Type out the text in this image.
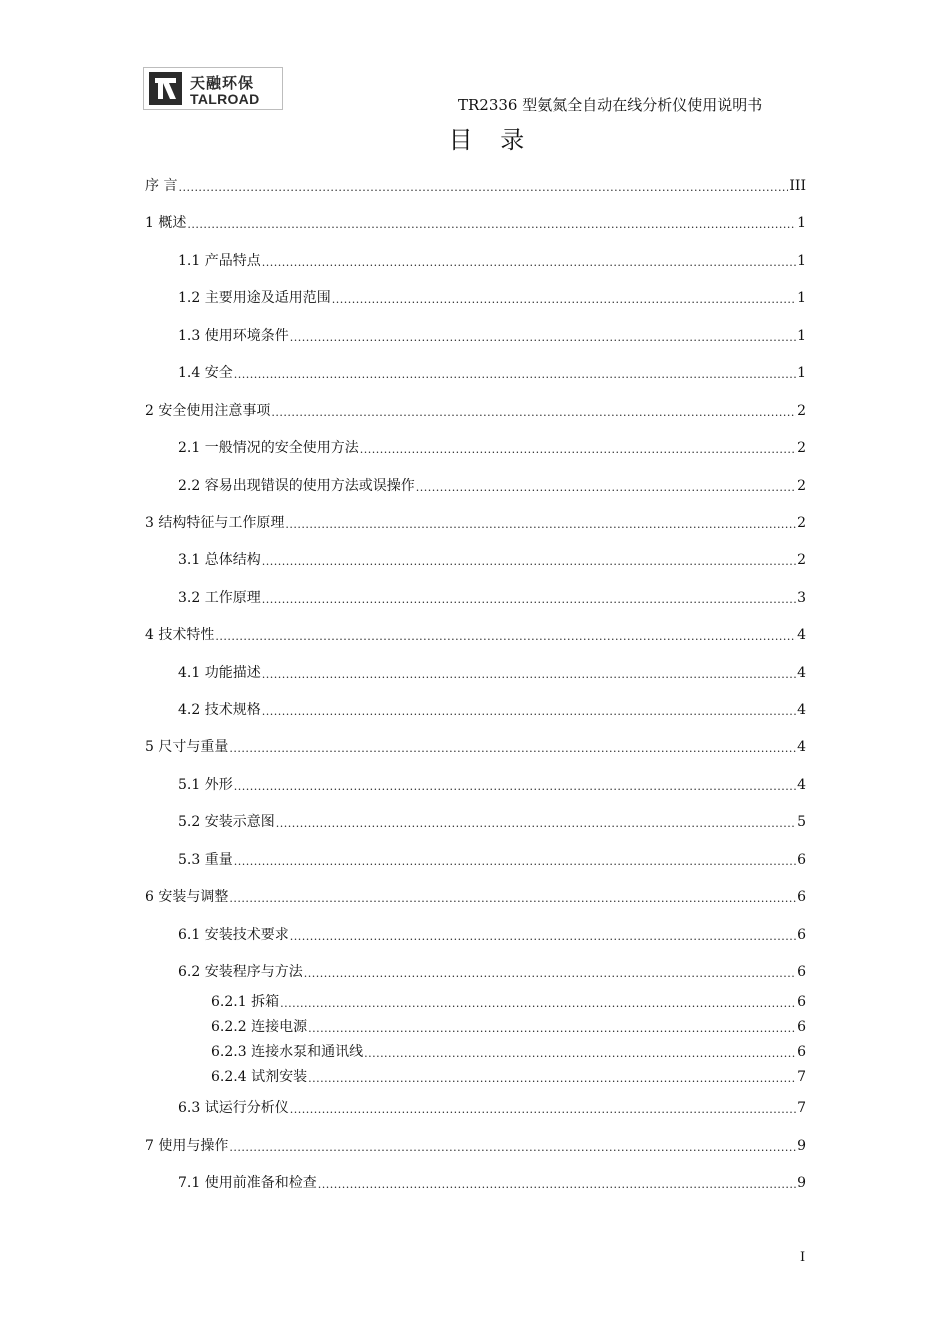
天融环保
TALROAD	TR2336 型氨氮全自动在线分析仪使用说明书
目 录
序 言 .....	III
1 概述 .....	1
1.1 产品特点 .....	1
1.2 主要用途及适用范围 .....	1
1.3 使用环境条件 .....	1
1.4 安全 .....	1
2 安全使用注意事项 .....	2
2.1 一般情况的安全使用方法 .....	2
2.2 容易出现错误的使用方法或误操作 .....	2
3 结构特征与工作原理 .....	2
3.1 总体结构 .....	2
3.2 工作原理 .....	3
4 技术特性 .....	4
4.1 功能描述 .....	4
4.2 技术规格 .....	4
5 尺寸与重量 .....	4
5.1 外形 .....	4
5.2 安装示意图 .....	5
5.3 重量 .....	6
6 安装与调整 .....	6
6.1 安装技术要求 .....	6
6.2 安装程序与方法 .....	6
6.2.1 拆箱 .....	6
6.2.2 连接电源 .....	6
6.2.3 连接水泵和通讯线 .....	6
6.2.4 试剂安装 .....	7
6.3 试运行分析仪 .....	7
7 使用与操作 .....	9
7.1 使用前准备和检查 .....	9
I
